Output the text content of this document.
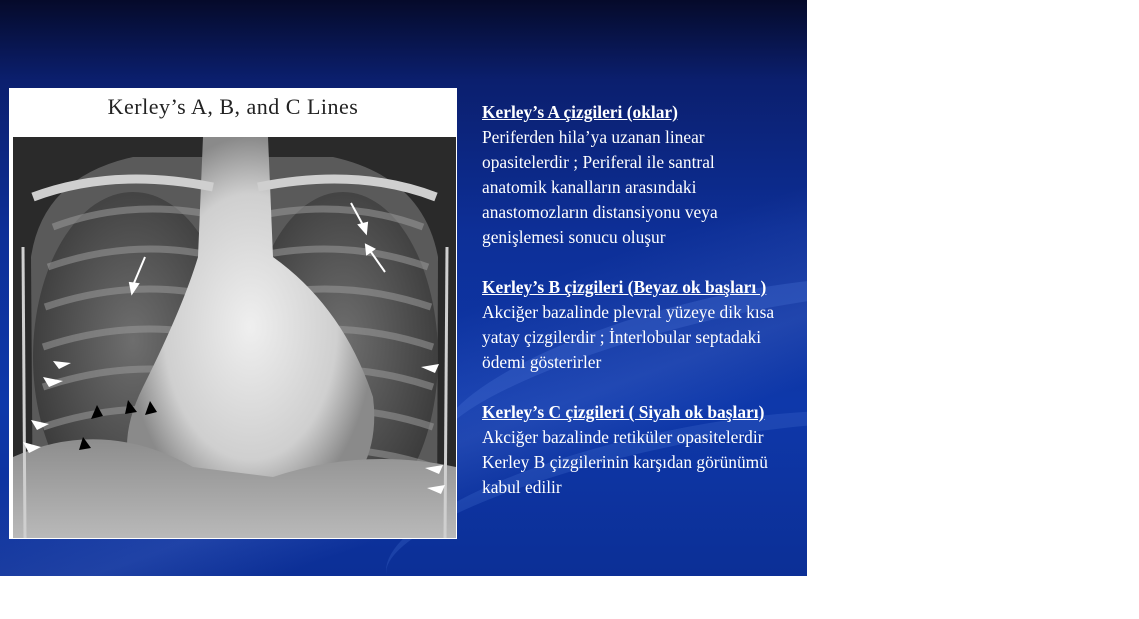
Kerley’s A, B, and C Lines	Kerley’s A çizgileri (oklar)
Periferden hila’ya uzanan linear opasitelerdir ; Periferal ile santral anatomik kanalların arasındaki anastomozların distansiyonu veya genişlemesi sonucu oluşur

Kerley’s B çizgileri (Beyaz ok başları ) Akciğer bazalinde plevral yüzeye dik kısa yatay çizgilerdir ; İnterlobular septadaki ödemi gösterirler

Kerley’s C çizgileri ( Siyah ok başları) Akciğer bazalinde retiküler opasitelerdir Kerley B çizgilerinin karşıdan görünümü kabul edilir
